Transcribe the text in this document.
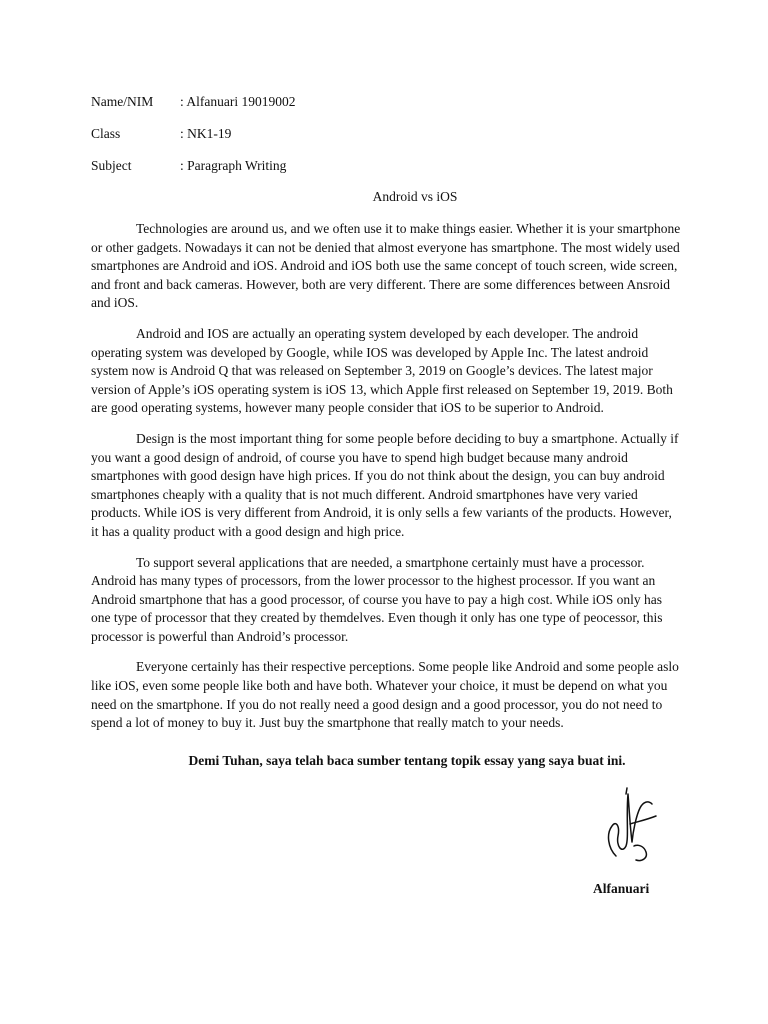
Name/NIM : Alfanuari 19019002
Class	: NK1-19
Subject	: Paragraph Writing
Android vs iOS

Technologies are around us, and we often use it to make things easier. Whether it is your smartphone or other gadgets. Nowadays it can not be denied that almost everyone has smartphone. The most widely used smartphones are Android and iOS. Android and iOS both use the same concept of touch screen, wide screen, and front and back cameras. However, both are very different. There are some differences between Ansroid and iOS.

Android and IOS are actually an operating system developed by each developer. The android operating system was developed by Google, while IOS was developed by Apple Inc. The latest android system now is Android Q that was released on September 3, 2019 on Google’s devices. The latest major version of Apple’s iOS operating system is iOS 13, which Apple first released on September 19, 2019. Both are good operating systems, however many people consider that iOS to be superior to Android.

Design is the most important thing for some people before deciding to buy a smartphone. Actually if you want a good design of android, of course you have to spend high budget because many android smartphones with good design have high prices. If you do not think about the design, you can buy android smartphones cheaply with a quality that is not much different. Android smartphones have very varied products. While iOS is very different from Android, it is only sells a few variants of the products. However, it has a quality product with a good design and high price.

To support several applications that are needed, a smartphone certainly must have a processor. Android has many types of processors, from the lower processor to the highest processor. If you want an Android smartphone that has a good processor, of course you have to pay a high cost. While iOS only has one type of processor that they created by themdelves. Even though it only has one type of peocessor, this processor is powerful than Android’s processor.

Everyone certainly has their respective perceptions. Some people like Android and some people aslo like iOS, even some people like both and have both. Whatever your choice, it must be depend on what you need on the smartphone. If you do not really need a good design and a good processor, you do not need to spend a lot of money to buy it. Just buy the smartphone that really match to your needs.

Demi Tuhan, saya telah baca sumber tentang topik essay yang saya buat ini.
Alfanuari
